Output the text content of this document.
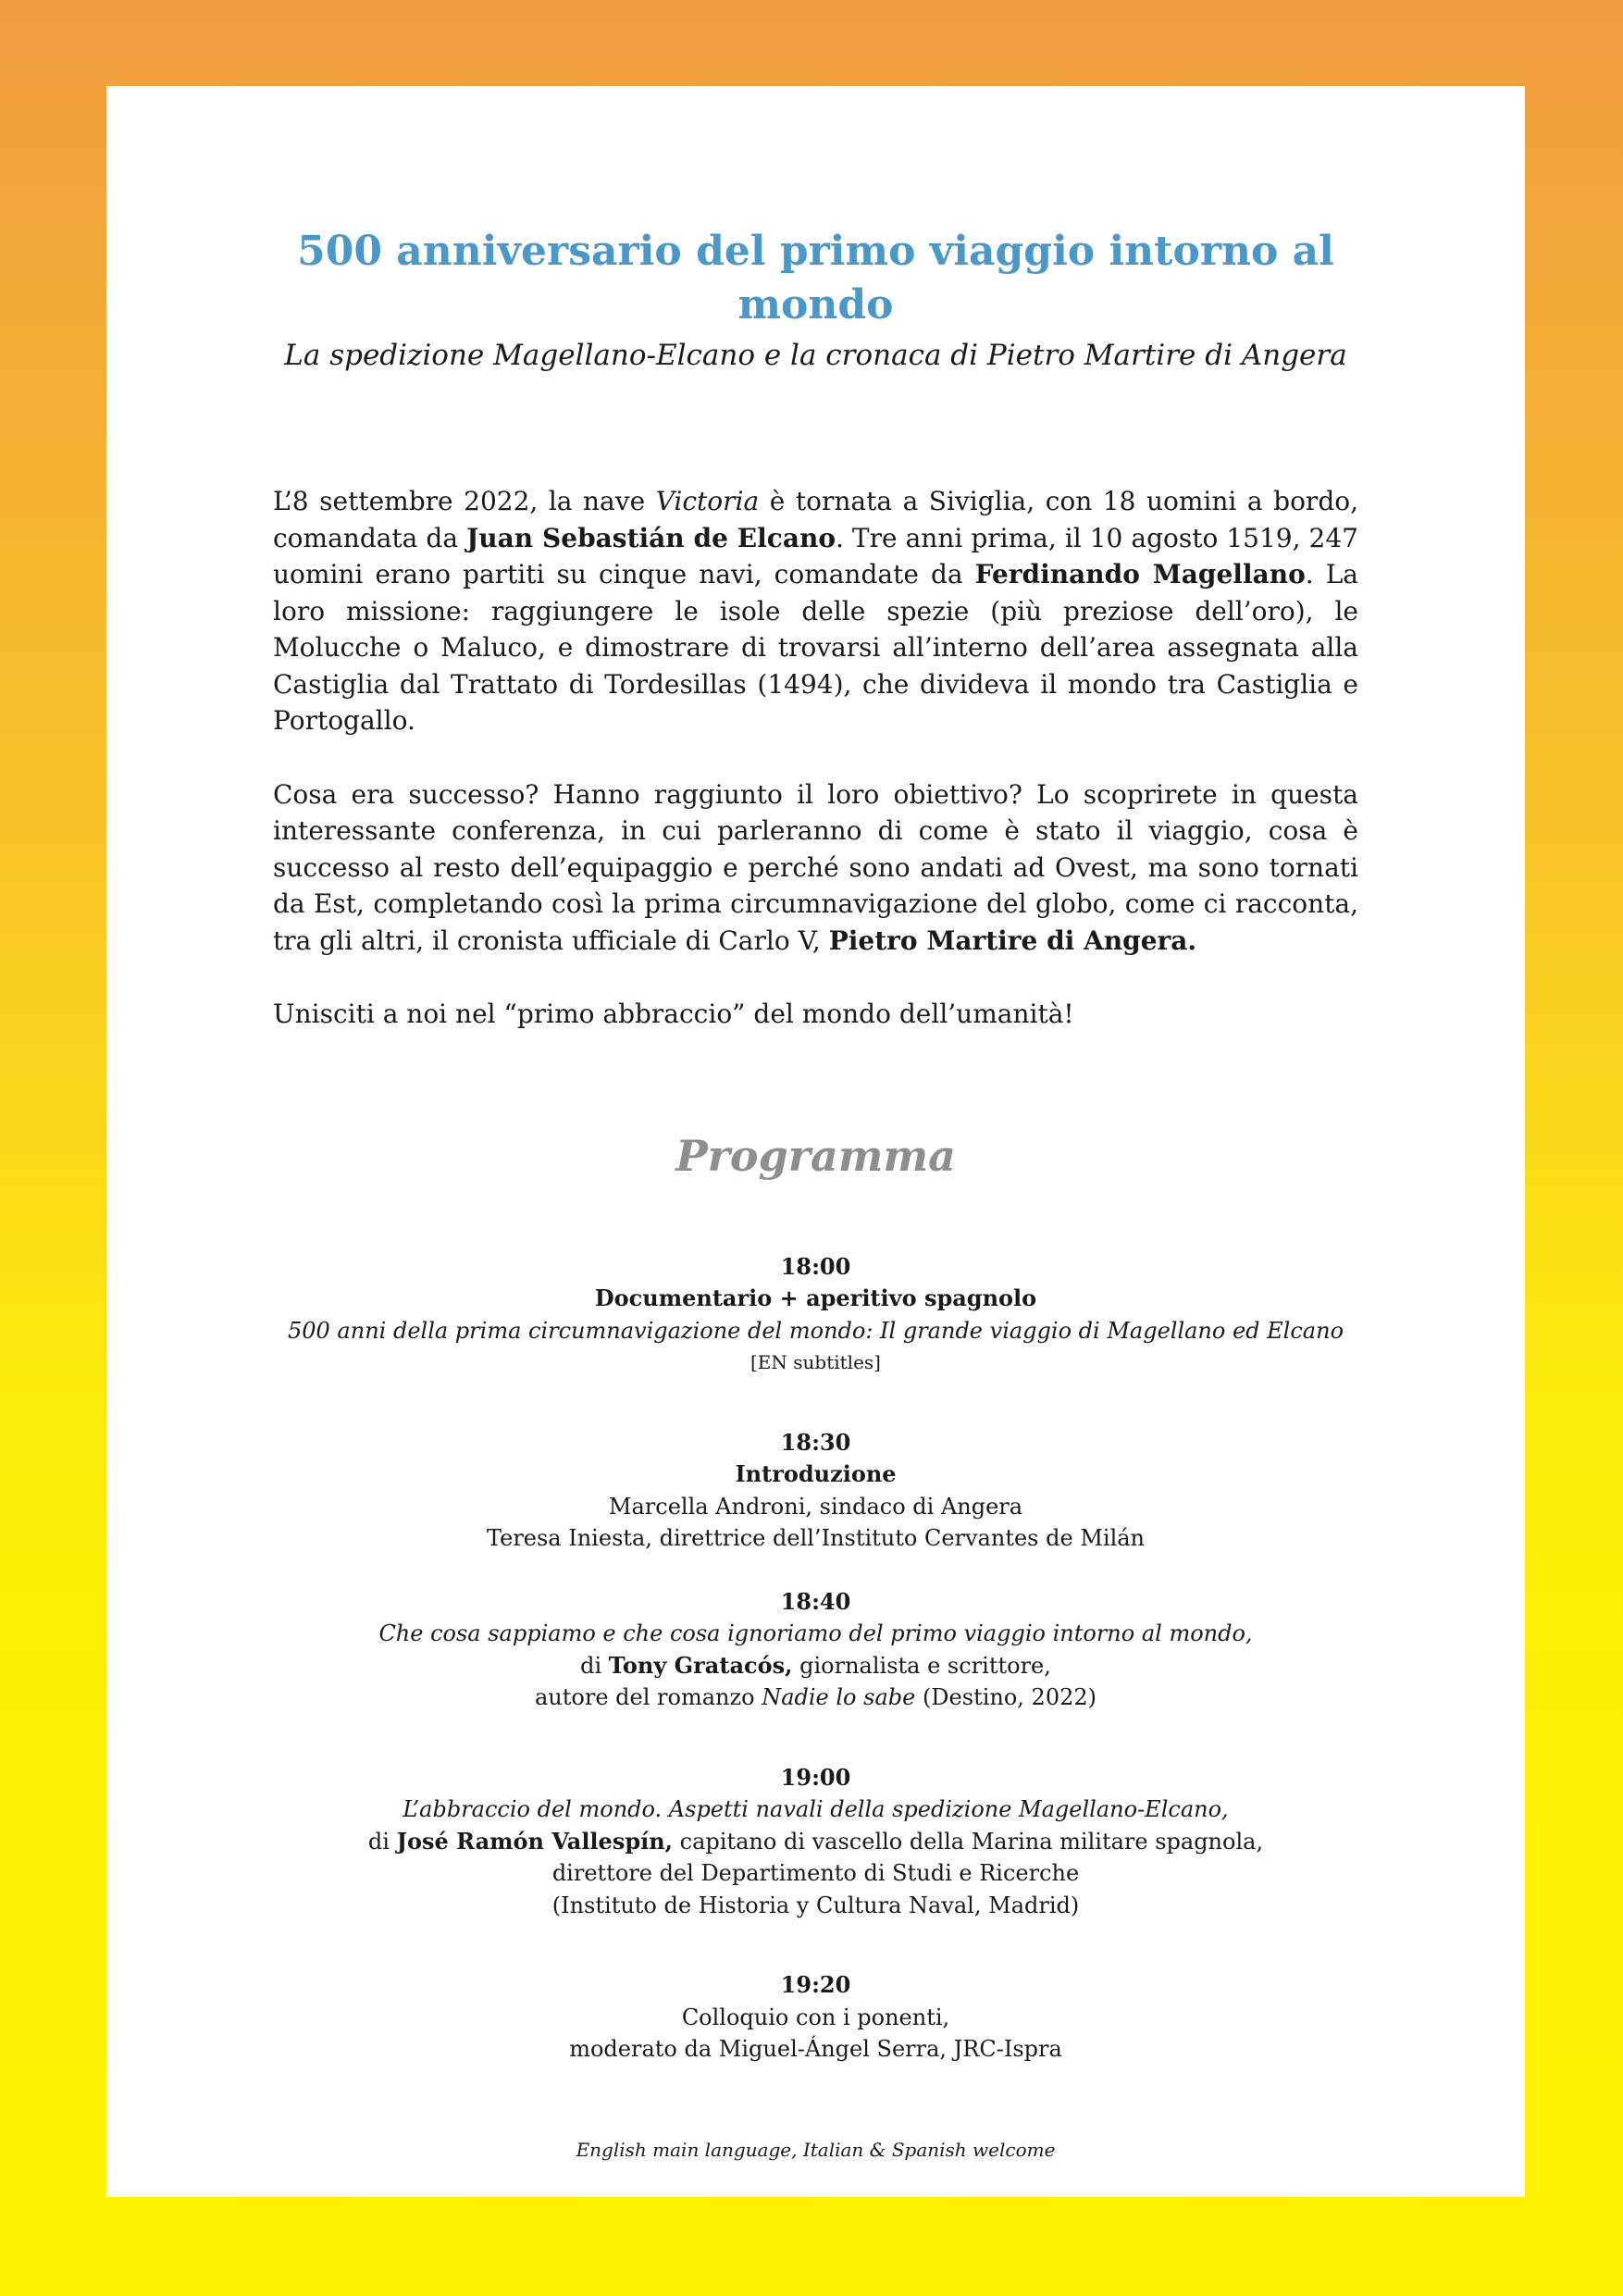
500 anniversario del primo viaggio intorno al mondo
La spedizione Magellano-Elcano e la cronaca di Pietro Martire di Angera

L’8 settembre 2022, la nave Victoria è tornata a Siviglia, con 18 uomini a bordo, comandata da Juan Sebastián de Elcano. Tre anni prima, il 10 agosto 1519, 247 uomini erano partiti su cinque navi, comandate da Ferdinando Magellano. La loro missione: raggiungere le isole delle spezie (più preziose dell’oro), le Molucche o Maluco, e dimostrare di trovarsi all’interno dell’area assegnata alla Castiglia dal Trattato di Tordesillas (1494), che divideva il mondo tra Castiglia e Portogallo.

Cosa era successo? Hanno raggiunto il loro obiettivo? Lo scoprirete in questa interessante conferenza, in cui parleranno di come è stato il viaggio, cosa è successo al resto dell’equipaggio e perché sono andati ad Ovest, ma sono tornati da Est, completando così la prima circumnavigazione del globo, come ci racconta, tra gli altri, il cronista ufficiale di Carlo V, Pietro Martire di Angera.

Unisciti a noi nel “primo abbraccio” del mondo dell’umanità!

Programma
18:00
Documentario + aperitivo spagnolo
500 anni della prima circumnavigazione del mondo: Il grande viaggio di Magellano ed Elcano
[EN subtitles]
18:30
Introduzione
Marcella Androni, sindaco di Angera
Teresa Iniesta, direttrice dell’Instituto Cervantes de Milán
18:40
Che cosa sappiamo e che cosa ignoriamo del primo viaggio intorno al mondo,
di Tony Gratacós, giornalista e scrittore,
autore del romanzo Nadie lo sabe (Destino, 2022)
19:00
L’abbraccio del mondo. Aspetti navali della spedizione Magellano-Elcano,
di José Ramón Vallespín, capitano di vascello della Marina militare spagnola,
direttore del Departimento di Studi e Ricerche
(Instituto de Historia y Cultura Naval, Madrid)
19:20
Colloquio con i ponenti,
moderato da Miguel-Ángel Serra, JRC-Ispra
English main language, Italian & Spanish welcome
